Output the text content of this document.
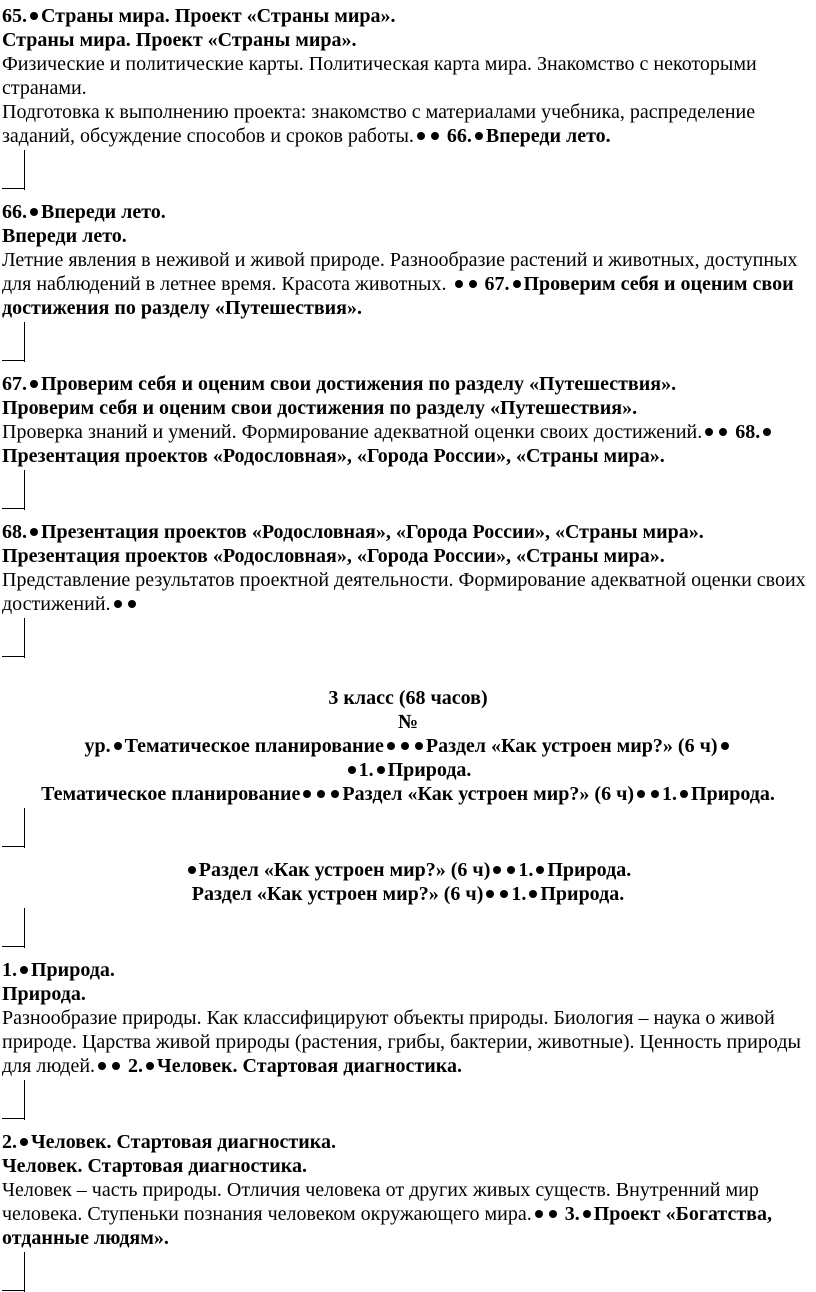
65. Страны мира. Проект «Страны мира».

Страны мира. Проект «Страны мира».

Физические и политические карты. Политическая карта мира. Знакомство с некоторыми странами.

Подготовка к выполнению проекта: знакомство с материалами учебника, распределение заданий, обсуждение способов и сроков работы. 66. Впереди лето.

66. Впереди лето.

Впереди лето.

Летние явления в неживой и живой природе. Разнообразие растений и животных, доступных для наблюдений в летнее время. Красота животных. 67. Проверим себя и оценим свои достижения по разделу «Путешествия».

67. Проверим себя и оценим свои достижения по разделу «Путешествия».

Проверим себя и оценим свои достижения по разделу «Путешествия».

Проверка знаний и умений. Формирование адекватной оценки своих достижений. 68.Презентация проектов «Родословная», «Города России», «Страны мира».

68. Презентация проектов «Родословная», «Города России», «Страны мира».

Презентация проектов «Родословная», «Города России», «Страны мира».

Представление результатов проектной деятельности. Формирование адекватной оценки своих достижений.

3 класс (68 часов)

№

ур. Тематическое планирование Раздел «Как устроен мир?» (6 ч)1. Природа.

Тематическое планирование Раздел «Как устроен мир?» (6 ч) 1. Природа.

Раздел «Как устроен мир?» (6 ч) 1. Природа.

Раздел «Как устроен мир?» (6 ч) 1. Природа.

1. Природа.

Природа.

Разнообразие природы. Как классифицируют объекты природы. Биология – наука о живой природе. Царства живой природы (растения, грибы, бактерии, животные). Ценность природы для людей. 2. Человек. Стартовая диагностика.

2. Человек. Стартовая диагностика.

Человек. Стартовая диагностика.

Человек – часть природы. Отличия человека от других живых существ. Внутренний мир человека. Ступеньки познания человеком окружающего мира. 3. Проект «Богатства, отданные людям».
